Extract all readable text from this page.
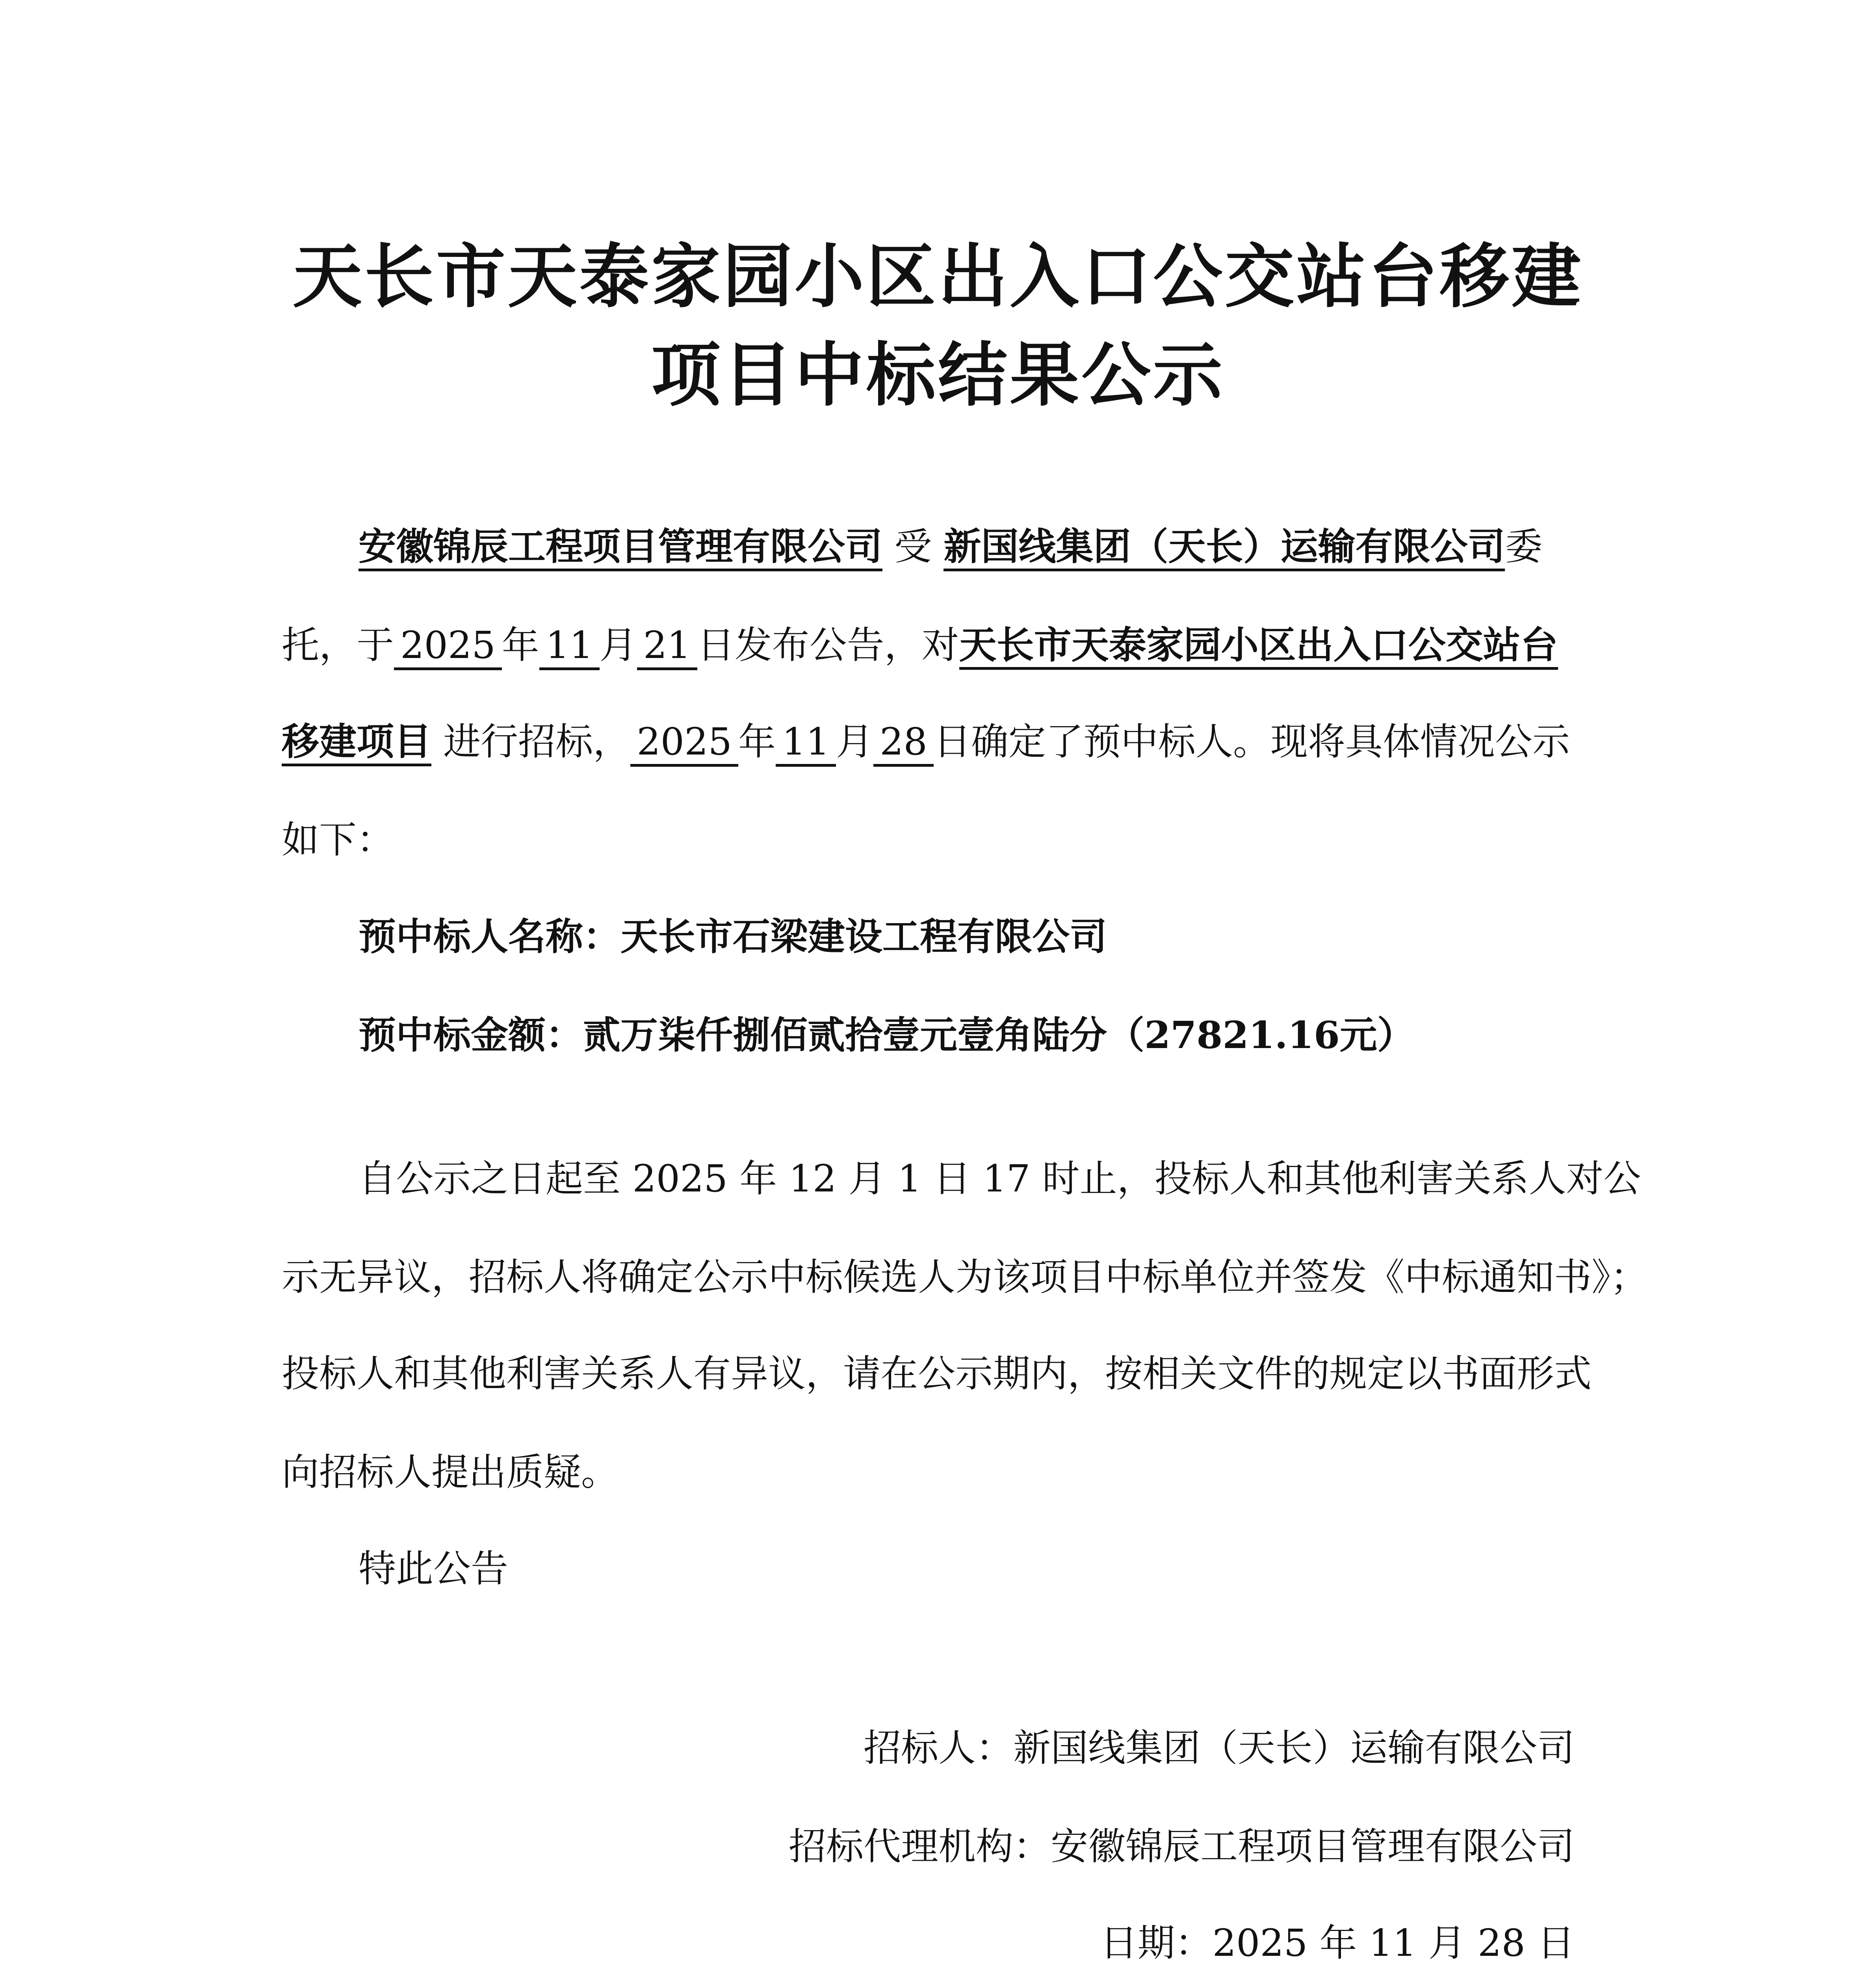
天长市天泰家园小区出入口公交站台移建
项目中标结果公示
安徽锦辰工程项目管理有限公司 受 新国线集团（天长）运输有限公司委
托，于 2025 年 11 月 21 日发布公告，对天长市天泰家园小区出入口公交站台
移建项目 进行招标， 2025 年 11 月 28 日确定了预中标人。现将具体情况公示
如下：
预中标人名称：天长市石梁建设工程有限公司
预中标金额：贰万柒仟捌佰贰拾壹元壹角陆分（27821.16元）
自公示之日起至 2025 年 12 月 1 日 17 时止，投标人和其他利害关系人对公
示无异议，招标人将确定公示中标候选人为该项目中标单位并签发《中标通知书》；
投标人和其他利害关系人有异议，请在公示期内，按相关文件的规定以书面形式
向招标人提出质疑。
特此公告
招标人：新国线集团（天长）运输有限公司
招标代理机构：安徽锦辰工程项目管理有限公司
日期：2025 年 11 月 28 日
